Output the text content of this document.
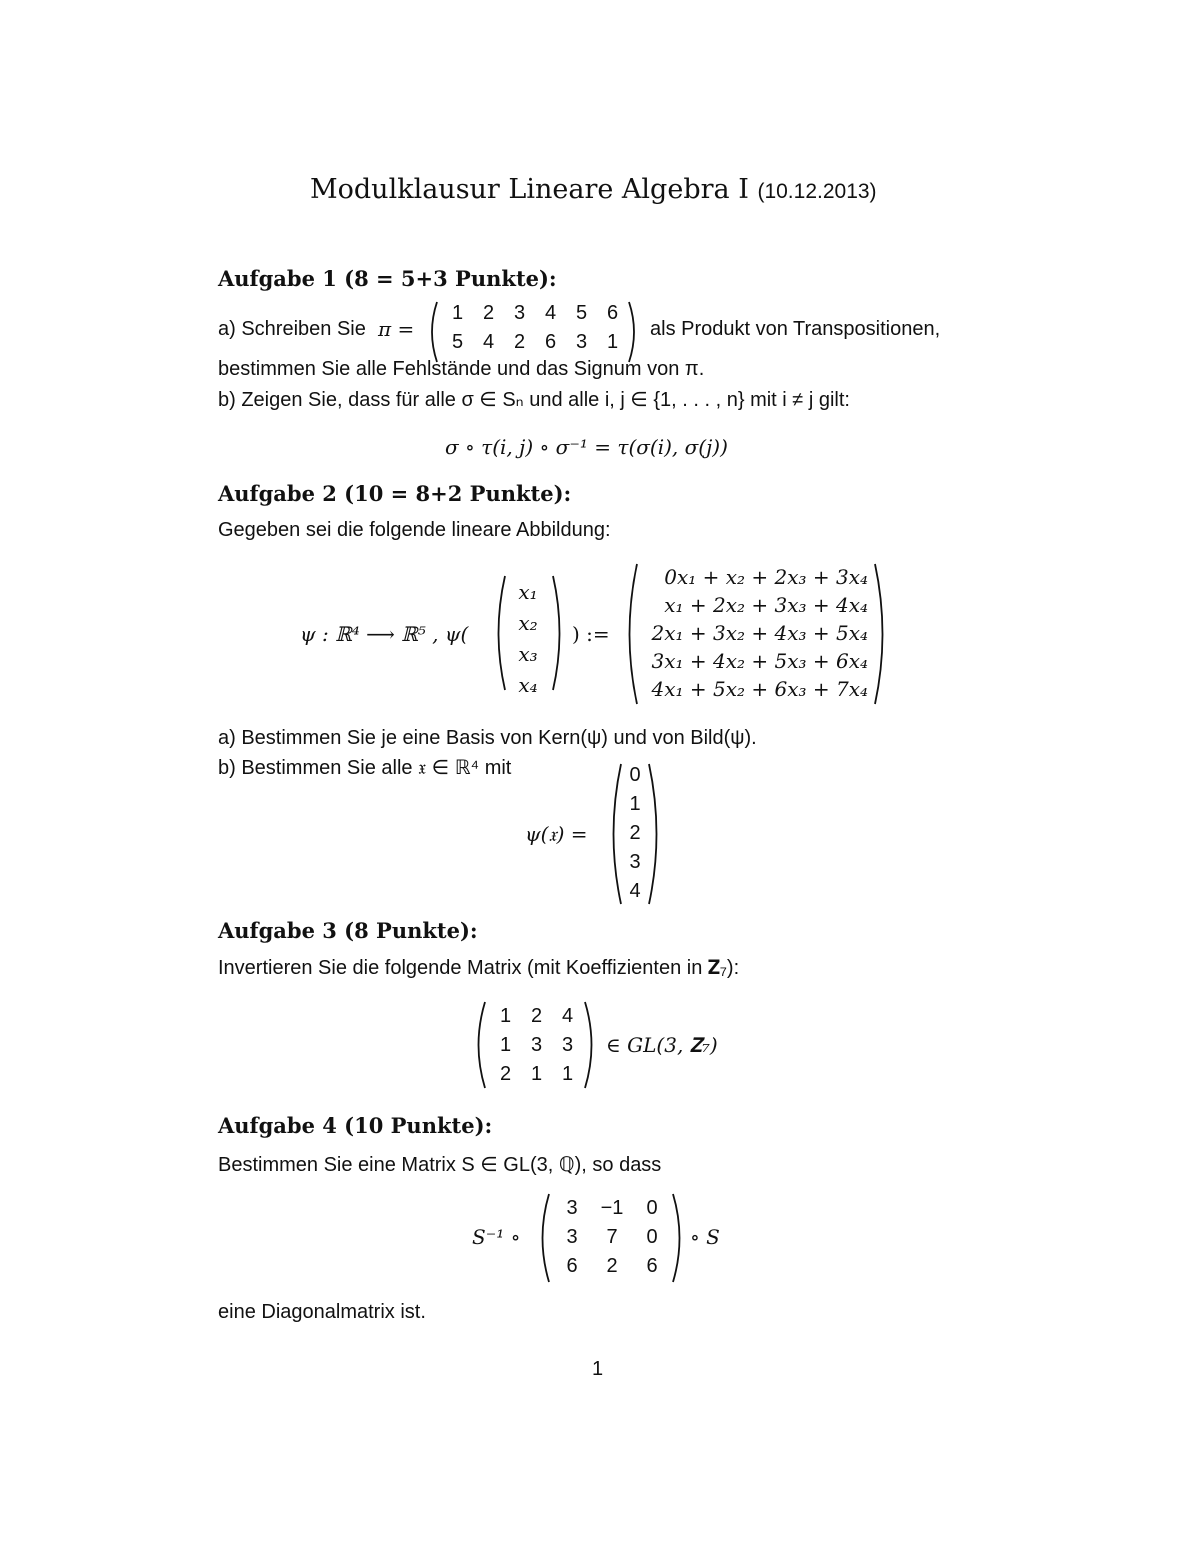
Modulklausur Lineare Algebra I (10.12.2013)
Aufgabe 1 (8 = 5+3 Punkte):
a) Schreiben Sie π =
1 2 3 4 5 6
5 4 2 6 3 1
als Produkt von Transpositionen,
bestimmen Sie alle Fehlstände und das Signum von π.
b) Zeigen Sie, dass für alle σ ∈ Sₙ und alle i, j ∈ {1, . . . , n} mit i ≠ j gilt:
σ ∘ τ(i, j) ∘ σ⁻¹ = τ(σ(i), σ(j))
Aufgabe 2 (10 = 8+2 Punkte):
Gegeben sei die folgende lineare Abbildung:
ψ : ℝ⁴ ⟶ ℝ⁵ , ψ(
x₁
x₂
x₃
x₄
) :=
0x₁ + x₂ + 2x₃ + 3x₄
x₁ + 2x₂ + 3x₃ + 4x₄
2x₁ + 3x₂ + 4x₃ + 5x₄
3x₁ + 4x₂ + 5x₃ + 6x₄
4x₁ + 5x₂ + 6x₃ + 7x₄
a) Bestimmen Sie je eine Basis von Kern(ψ) und von Bild(ψ).
b) Bestimmen Sie alle 𝔵 ∈ ℝ⁴ mit
ψ(𝔵) =
0
1
2
3
4
Aufgabe 3 (8 Punkte):
Invertieren Sie die folgende Matrix (mit Koeffizienten in 𝐙₇):
1 2 4
1 3 3
2 1 1
∈ GL(3, 𝐙₇)
Aufgabe 4 (10 Punkte):
Bestimmen Sie eine Matrix S ∈ GL(3, ℚ), so dass
S⁻¹ ∘
3	−1	0
3	7	0
6	2	6
∘ S
eine Diagonalmatrix ist.
1
